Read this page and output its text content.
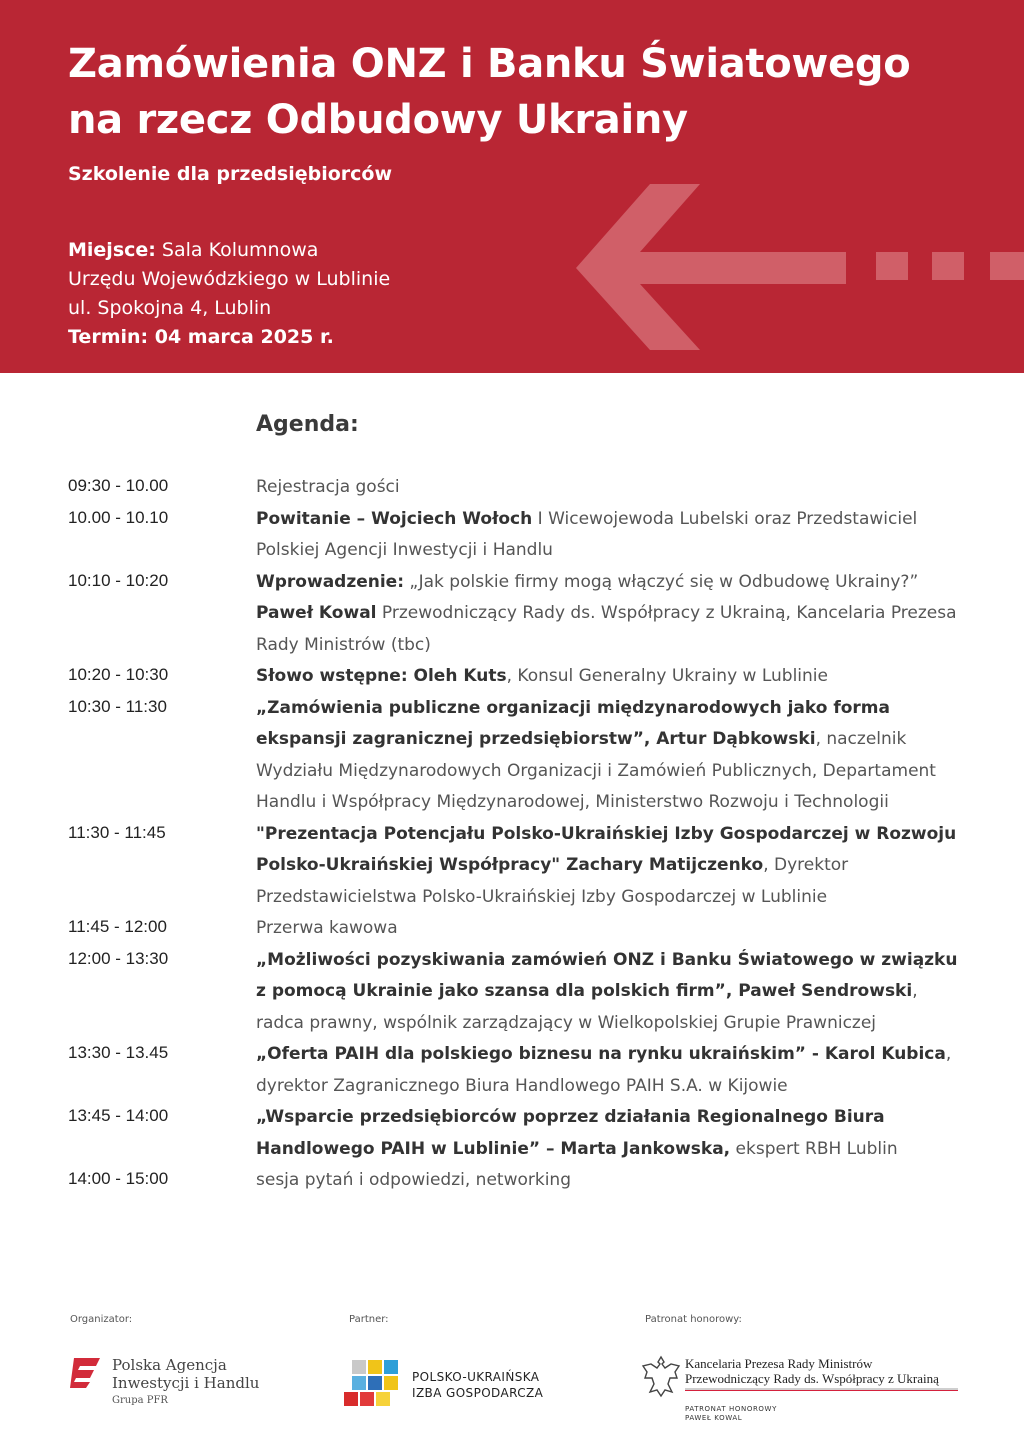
Zamówienia ONZ i Banku Światowego
na rzecz Odbudowy Ukrainy
Szkolenie dla przedsiębiorców
Miejsce: Sala Kolumnowa
Urzędu Wojewódzkiego w Lublinie
ul. Spokojna 4, Lublin
Termin: 04 marca 2025 r.
Agenda:
09:30 - 10.00	Rejestracja gości
10.00 - 10.10	Powitanie – Wojciech Wołoch I Wicewojewoda Lubelski oraz Przedstawiciel Polskiej Agencji Inwestycji i Handlu
10:10 - 10:20	Wprowadzenie: „Jak polskie firmy mogą włączyć się w Odbudowę Ukrainy?”
Paweł Kowal Przewodniczący Rady ds. Współpracy z Ukrainą, Kancelaria Prezesa Rady Ministrów (tbc)
10:20 - 10:30	Słowo wstępne: Oleh Kuts, Konsul Generalny Ukrainy w Lublinie
10:30 - 11:30	„Zamówienia publiczne organizacji międzynarodowych jako forma ekspansji zagranicznej przedsiębiorstw”, Artur Dąbkowski, naczelnik Wydziału Międzynarodowych Organizacji i Zamówień Publicznych, Departament Handlu i Współpracy Międzynarodowej, Ministerstwo Rozwoju i Technologii
11:30 - 11:45	"Prezentacja Potencjału Polsko-Ukraińskiej Izby Gospodarczej w Rozwoju Polsko-Ukraińskiej Współpracy" Zachary Matijczenko, Dyrektor Przedstawicielstwa Polsko-Ukraińskiej Izby Gospodarczej w Lublinie
11:45 - 12:00	Przerwa kawowa
12:00 - 13:30	„Możliwości pozyskiwania zamówień ONZ i Banku Światowego w związku z pomocą Ukrainie jako szansa dla polskich firm”, Paweł Sendrowski, radca prawny, wspólnik zarządzający w Wielkopolskiej Grupie Prawniczej
13:30 - 13.45	„Oferta PAIH dla polskiego biznesu na rynku ukraińskim” - Karol Kubica, dyrektor Zagranicznego Biura Handlowego PAIH S.A. w Kijowie
13:45 - 14:00	„Wsparcie przedsiębiorców poprzez działania Regionalnego Biura Handlowego PAIH w Lublinie” – Marta Jankowska, ekspert RBH Lublin
14:00 - 15:00	sesja pytań i odpowiedzi, networking
Organizator:	Partner:	Patronat honorowy:
Polska Agencja
Inwestycji i Handlu
Grupa PFR
POLSKO-UKRAIŃSKA
IZBA GOSPODARCZA
Kancelaria Prezesa Rady Ministrów
Przewodniczący Rady ds. Współpracy z Ukrainą
PATRONAT HONOROWY
PAWEŁ KOWAL
